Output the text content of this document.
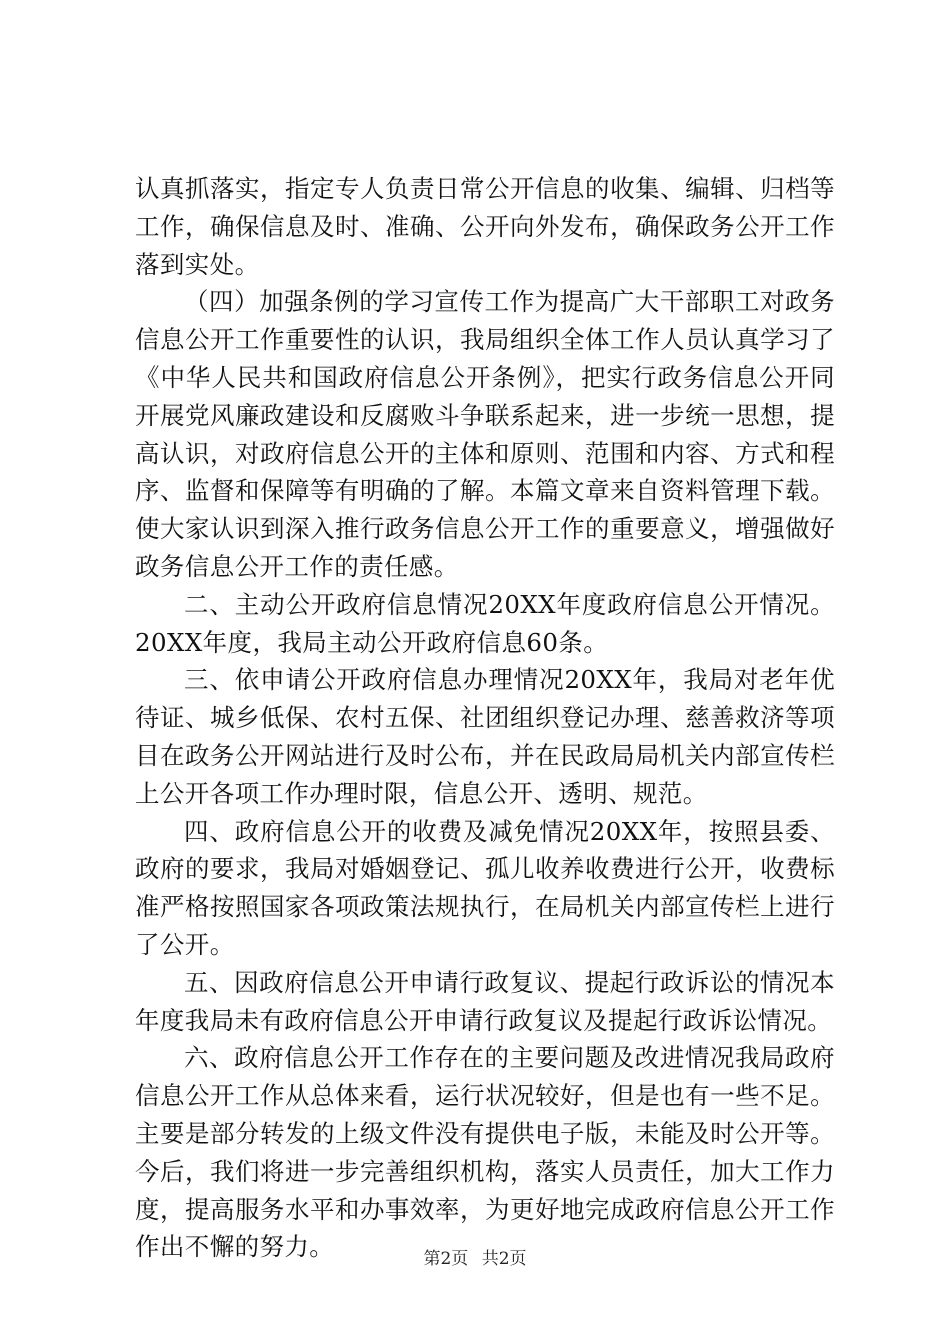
认真抓落实，指定专人负责日常公开信息的收集、编辑、归档等工作，确保信息及时、准确、公开向外发布，确保政务公开工作落到实处。

（四）加强条例的学习宣传工作为提高广大干部职工对政务信息公开工作重要性的认识，我局组织全体工作人员认真学习了《中华人民共和国政府信息公开条例》，把实行政务信息公开同开展党风廉政建设和反腐败斗争联系起来，进一步统一思想，提高认识，对政府信息公开的主体和原则、范围和内容、方式和程序、监督和保障等有明确的了解。本篇文章来自资料管理下载。使大家认识到深入推行政务信息公开工作的重要意义，增强做好政务信息公开工作的责任感。

二、主动公开政府信息情况20XX年度政府信息公开情况。20XX年度，我局主动公开政府信息60条。

三、依申请公开政府信息办理情况20XX年，我局对老年优待证、城乡低保、农村五保、社团组织登记办理、慈善救济等项目在政务公开网站进行及时公布，并在民政局局机关内部宣传栏上公开各项工作办理时限，信息公开、透明、规范。

四、政府信息公开的收费及减免情况20XX年，按照县委、政府的要求，我局对婚姻登记、孤儿收养收费进行公开，收费标准严格按照国家各项政策法规执行，在局机关内部宣传栏上进行了公开。

五、因政府信息公开申请行政复议、提起行政诉讼的情况本年度我局未有政府信息公开申请行政复议及提起行政诉讼情况。

六、政府信息公开工作存在的主要问题及改进情况我局政府信息公开工作从总体来看，运行状况较好，但是也有一些不足。主要是部分转发的上级文件没有提供电子版，未能及时公开等。今后，我们将进一步完善组织机构，落实人员责任，加大工作力度，提高服务水平和办事效率，为更好地完成政府信息公开工作作出不懈的努力。	第2页 共2页
